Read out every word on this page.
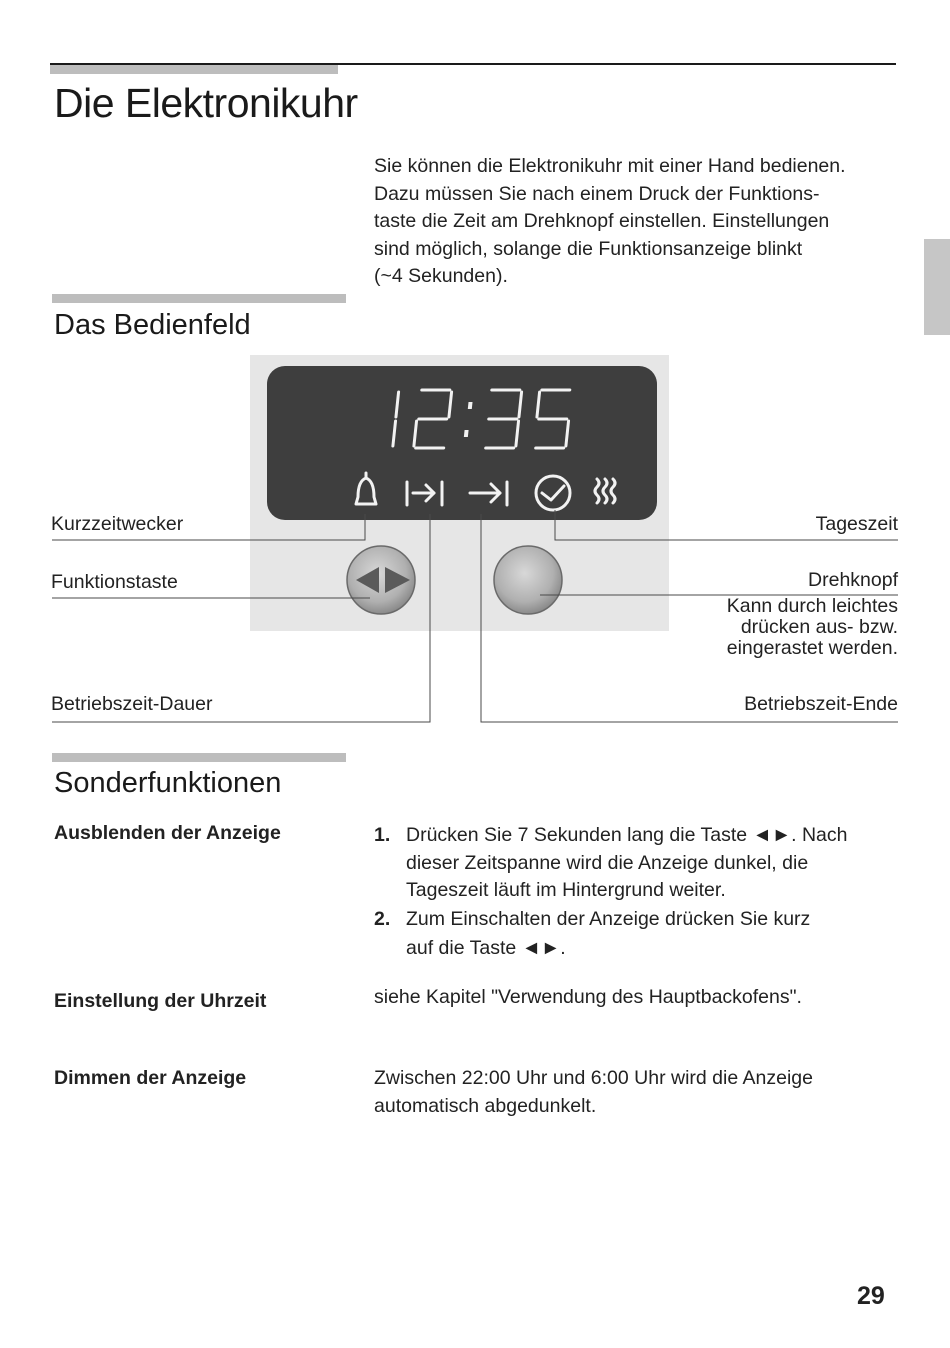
Die Elektronikuhr
Sie können die Elektronikuhr mit einer Hand bedienen.
Dazu müssen Sie nach einem Druck der Funktions-
taste die Zeit am Drehknopf einstellen. Einstellungen
sind möglich, solange die Funktionsanzeige blinkt
(~4 Sekunden).
Das Bedienfeld
Kurzzeitwecker
Funktionstaste
Betriebszeit-Dauer
Tageszeit
Drehknopf
Kann durch leichtes
drücken aus- bzw.
eingerastet werden.
Betriebszeit-Ende
Sonderfunktionen
Ausblenden der Anzeige	1. Drücken Sie 7 Sekunden lang die Taste ◄►. Nach
dieser Zeitspanne wird die Anzeige dunkel, die
Tageszeit läuft im Hintergrund weiter.
2. Zum Einschalten der Anzeige drücken Sie kurz
auf die Taste ◄►.
Einstellung der Uhrzeit	siehe Kapitel "Verwendung des Hauptbackofens".
Dimmen der Anzeige	Zwischen 22:00 Uhr und 6:00 Uhr wird die Anzeige
automatisch abgedunkelt.
29
